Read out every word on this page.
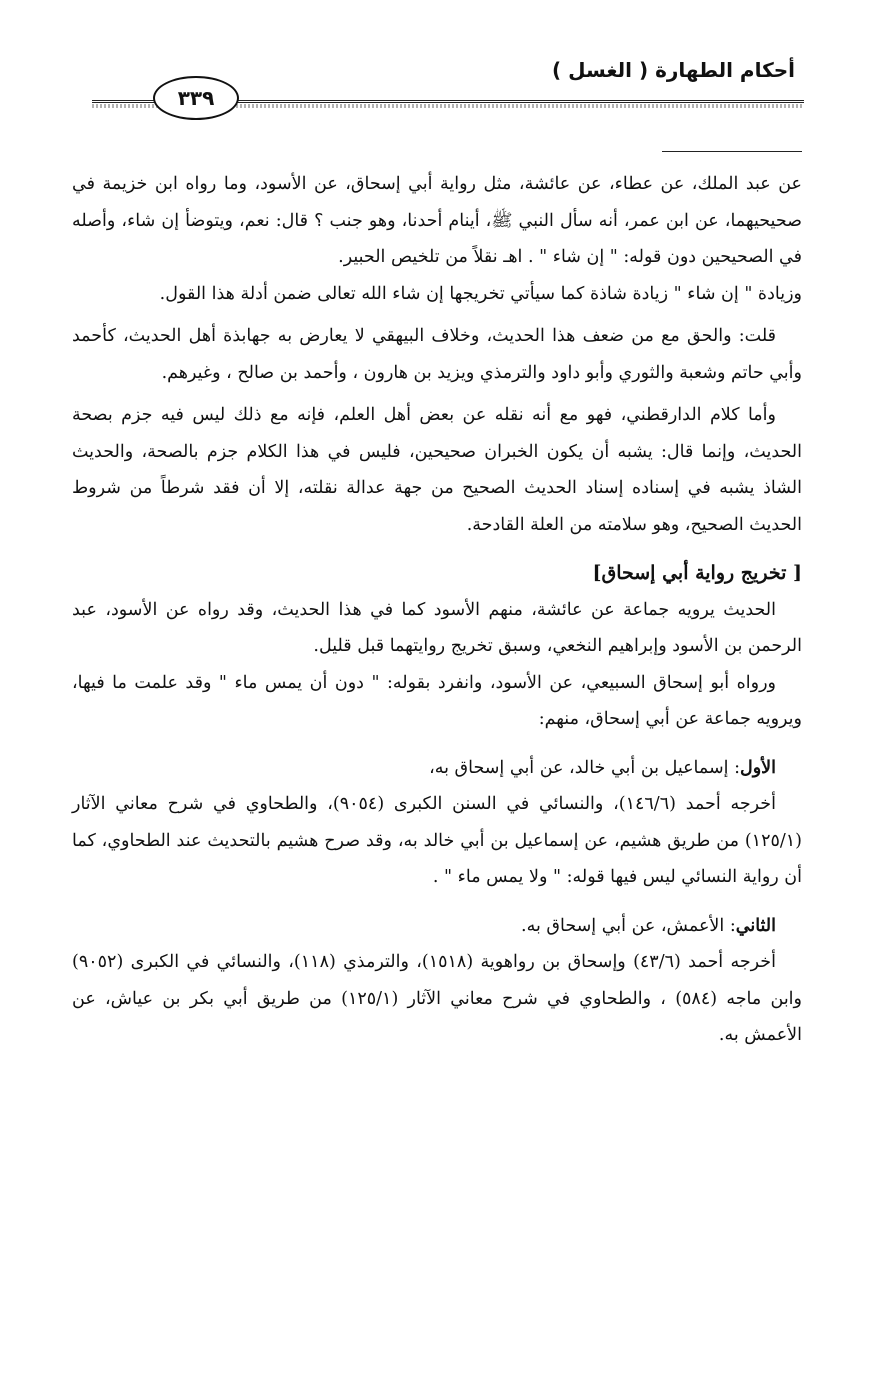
أحكام الطهارة ( الغسل )
٣٣٩

عن عبد الملك، عن عطاء، عن عائشة، مثل رواية أبي إسحاق، عن الأسود، وما رواه ابن خزيمة في صحيحيهما، عن ابن عمر، أنه سأل النبي ﷺ، أينام أحدنا، وهو جنب ؟ قال: نعم، ويتوضأ إن شاء، وأصله في الصحيحين دون قوله: " إن شاء " . اهـ نقلاً من تلخيص الحبير.

وزيادة " إن شاء " زيادة شاذة كما سيأتي تخريجها إن شاء الله تعالى ضمن أدلة هذا القول.

قلت: والحق مع من ضعف هذا الحديث، وخلاف البيهقي لا يعارض به جهابذة أهل الحديث، كأحمد وأبي حاتم وشعبة والثوري وأبو داود والترمذي ويزيد بن هارون ، وأحمد بن صالح ، وغيرهم.

وأما كلام الدارقطني، فهو مع أنه نقله عن بعض أهل العلم، فإنه مع ذلك ليس فيه جزم بصحة الحديث، وإنما قال: يشبه أن يكون الخبران صحيحين، فليس في هذا الكلام جزم بالصحة، والحديث الشاذ يشبه في إسناده إسناد الحديث الصحيح من جهة عدالة نقلته، إلا أن فقد شرطاً من شروط الحديث الصحيح، وهو سلامته من العلة القادحة.

[ تخريج رواية أبي إسحاق]

الحديث يرويه جماعة عن عائشة، منهم الأسود كما في هذا الحديث، وقد رواه عن الأسود، عبد الرحمن بن الأسود وإبراهيم النخعي، وسبق تخريج روايتهما قبل قليل.

ورواه أبو إسحاق السبيعي، عن الأسود، وانفرد بقوله: " دون أن يمس ماء " وقد علمت ما فيها، ويرويه جماعة عن أبي إسحاق، منهم:

الأول: إسماعيل بن أبي خالد، عن أبي إسحاق به،

أخرجه أحمد (١٤٦/٦)، والنسائي في السنن الكبرى (٩٠٥٤)، والطحاوي في شرح معاني الآثار (١٢٥/١) من طريق هشيم، عن إسماعيل بن أبي خالد به، وقد صرح هشيم بالتحديث عند الطحاوي، كما أن رواية النسائي ليس فيها قوله: " ولا يمس ماء " .

الثاني: الأعمش، عن أبي إسحاق به.

أخرجه أحمد (٤٣/٦) وإسحاق بن رواهوية (١٥١٨)، والترمذي (١١٨)، والنسائي في الكبرى (٩٠٥٢) وابن ماجه (٥٨٤) ، والطحاوي في شرح معاني الآثار (١٢٥/١) من طريق أبي بكر بن عياش، عن الأعمش به.
